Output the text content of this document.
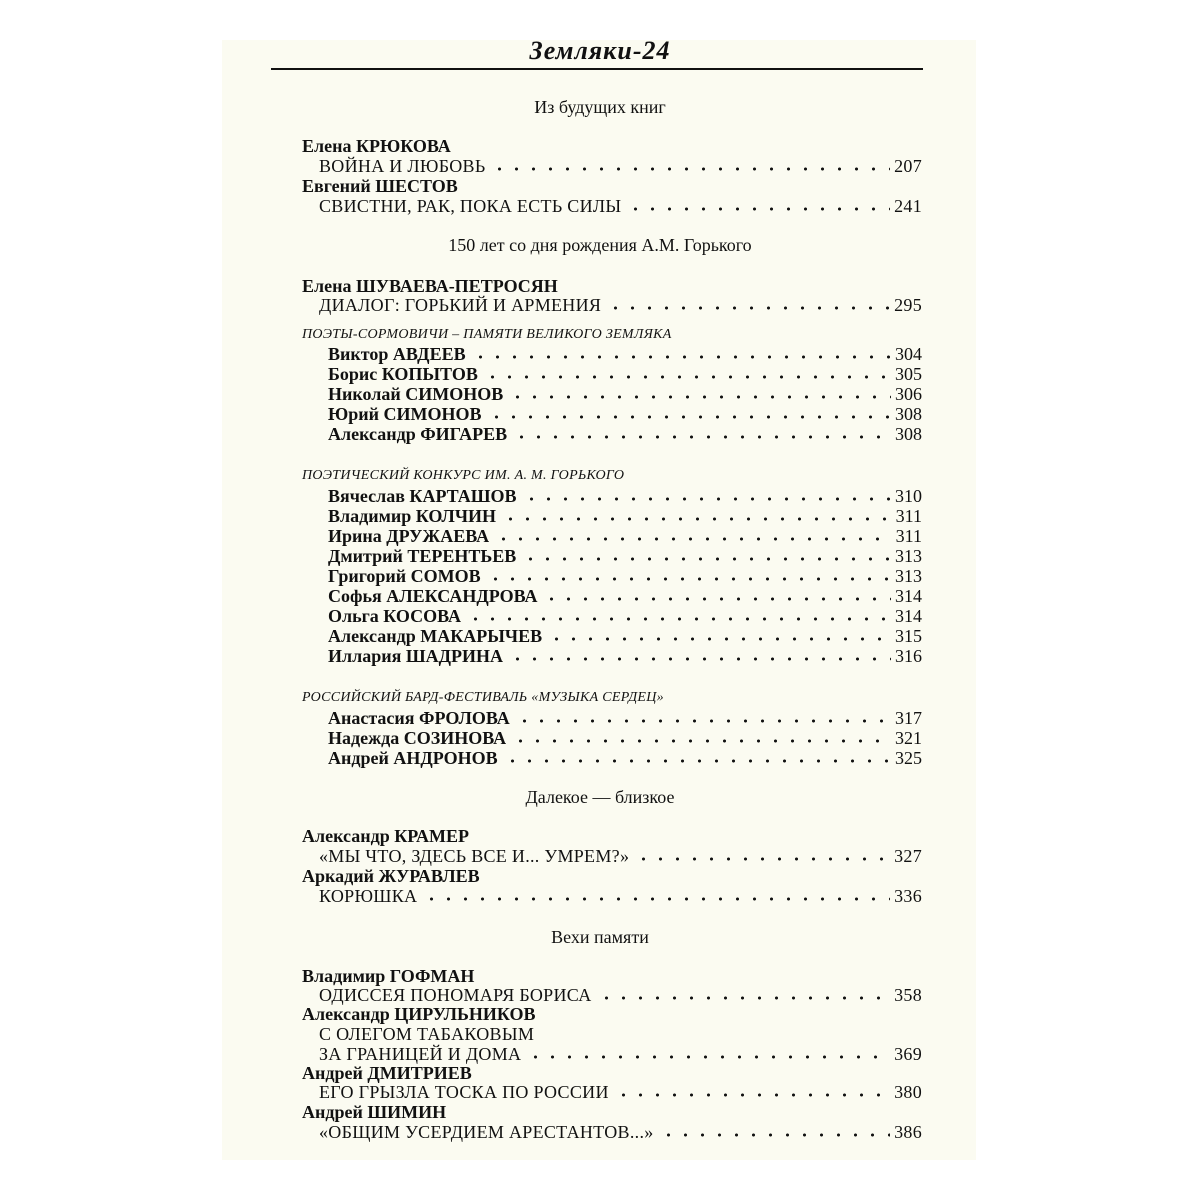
Земляки-24
Из будущих книг
Елена КРЮКОВА
ВОЙНА И ЛЮБОВЬ	207
Евгений ШЕСТОВ
СВИСТНИ, РАК, ПОКА ЕСТЬ СИЛЫ	241
150 лет со дня рождения А.М. Горького
Елена ШУВАЕВА-ПЕТРОСЯН
ДИАЛОГ: ГОРЬКИЙ И АРМЕНИЯ	295
ПОЭТЫ-СОРМОВИЧИ – ПАМЯТИ ВЕЛИКОГО ЗЕМЛЯКА
Виктор АВДЕЕВ	304
Борис КОПЫТОВ	305
Николай СИМОНОВ	306
Юрий СИМОНОВ	308
Александр ФИГАРЕВ	308
ПОЭТИЧЕСКИЙ КОНКУРС ИМ. А. М. ГОРЬКОГО
Вячеслав КАРТАШОВ	310
Владимир КОЛЧИН	311
Ирина ДРУЖАЕВА	311
Дмитрий ТЕРЕНТЬЕВ	313
Григорий СОМОВ	313
Софья АЛЕКСАНДРОВА	314
Ольга КОСОВА	314
Александр МАКАРЫЧЕВ	315
Иллария ШАДРИНА	316
РОССИЙСКИЙ БАРД-ФЕСТИВАЛЬ «МУЗЫКА СЕРДЕЦ»
Анастасия ФРОЛОВА	317
Надежда СОЗИНОВА	321
Андрей АНДРОНОВ	325
Далекое — близкое
Александр КРАМЕР
«МЫ ЧТО, ЗДЕСЬ ВСЕ И... УМРЕМ?»	327
Аркадий ЖУРАВЛЕВ
КОРЮШКА	336
Вехи памяти
Владимир ГОФМАН
ОДИССЕЯ ПОНОМАРЯ БОРИСА	358
Александр ЦИРУЛЬНИКОВ
С ОЛЕГОМ ТАБАКОВЫМ
ЗА ГРАНИЦЕЙ И ДОМА	369
Андрей ДМИТРИЕВ
ЕГО ГРЫЗЛА ТОСКА ПО РОССИИ	380
Андрей ШИМИН
«ОБЩИМ УСЕРДИЕМ АРЕСТАНТОВ...»	386
